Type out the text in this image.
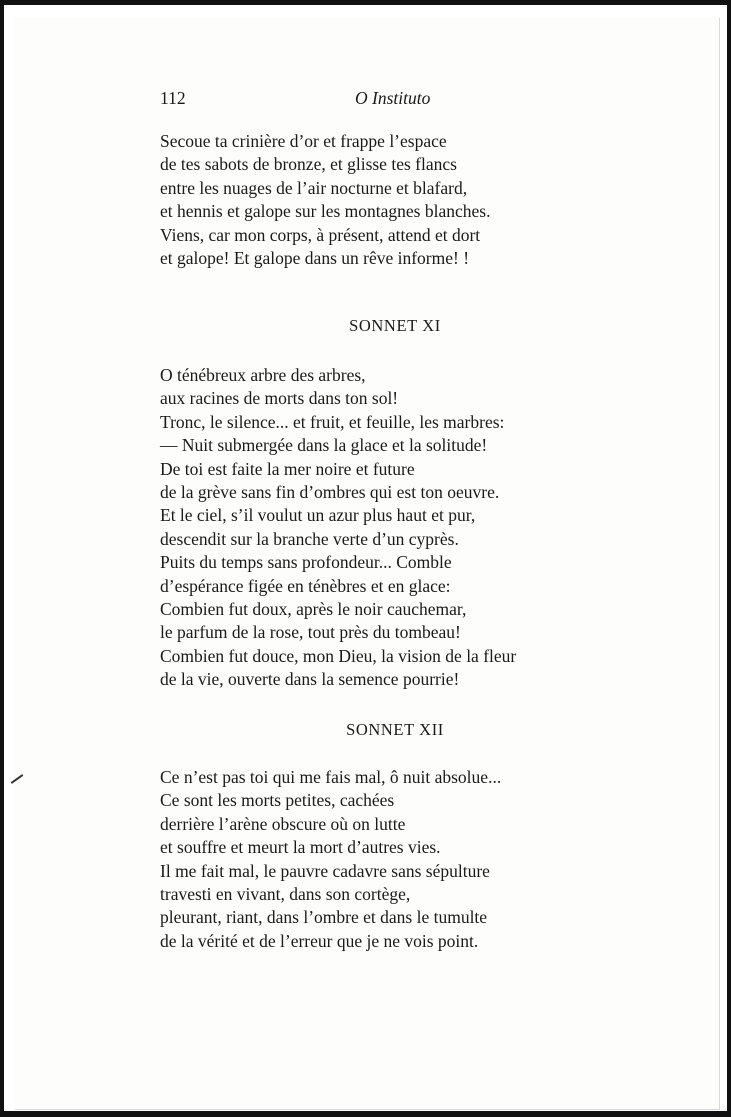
112	O Instituto
Secoue ta crinière d’or et frappe l’espace
de tes sabots de bronze, et glisse tes flancs
entre les nuages de l’air nocturne et blafard,
et hennis et galope sur les montagnes blanches.
Viens, car mon corps, à présent, attend et dort
et galope! Et galope dans un rêve informe! !
SONNET XI
O ténébreux arbre des arbres,
aux racines de morts dans ton sol!
Tronc, le silence... et fruit, et feuille, les marbres:
— Nuit submergée dans la glace et la solitude!
De toi est faite la mer noire et future
de la grève sans fin d’ombres qui est ton oeuvre.
Et le ciel, s’il voulut un azur plus haut et pur,
descendit sur la branche verte d’un cyprès.
Puits du temps sans profondeur... Comble
d’espérance figée en ténèbres et en glace:
Combien fut doux, après le noir cauchemar,
le parfum de la rose, tout près du tombeau!
Combien fut douce, mon Dieu, la vision de la fleur
de la vie, ouverte dans la semence pourrie!
SONNET XII
Ce n’est pas toi qui me fais mal, ô nuit absolue...
Ce sont les morts petites, cachées
derrière l’arène obscure où on lutte
et souffre et meurt la mort d’autres vies.
Il me fait mal, le pauvre cadavre sans sépulture
travesti en vivant, dans son cortège,
pleurant, riant, dans l’ombre et dans le tumulte
de la vérité et de l’erreur que je ne vois point.
